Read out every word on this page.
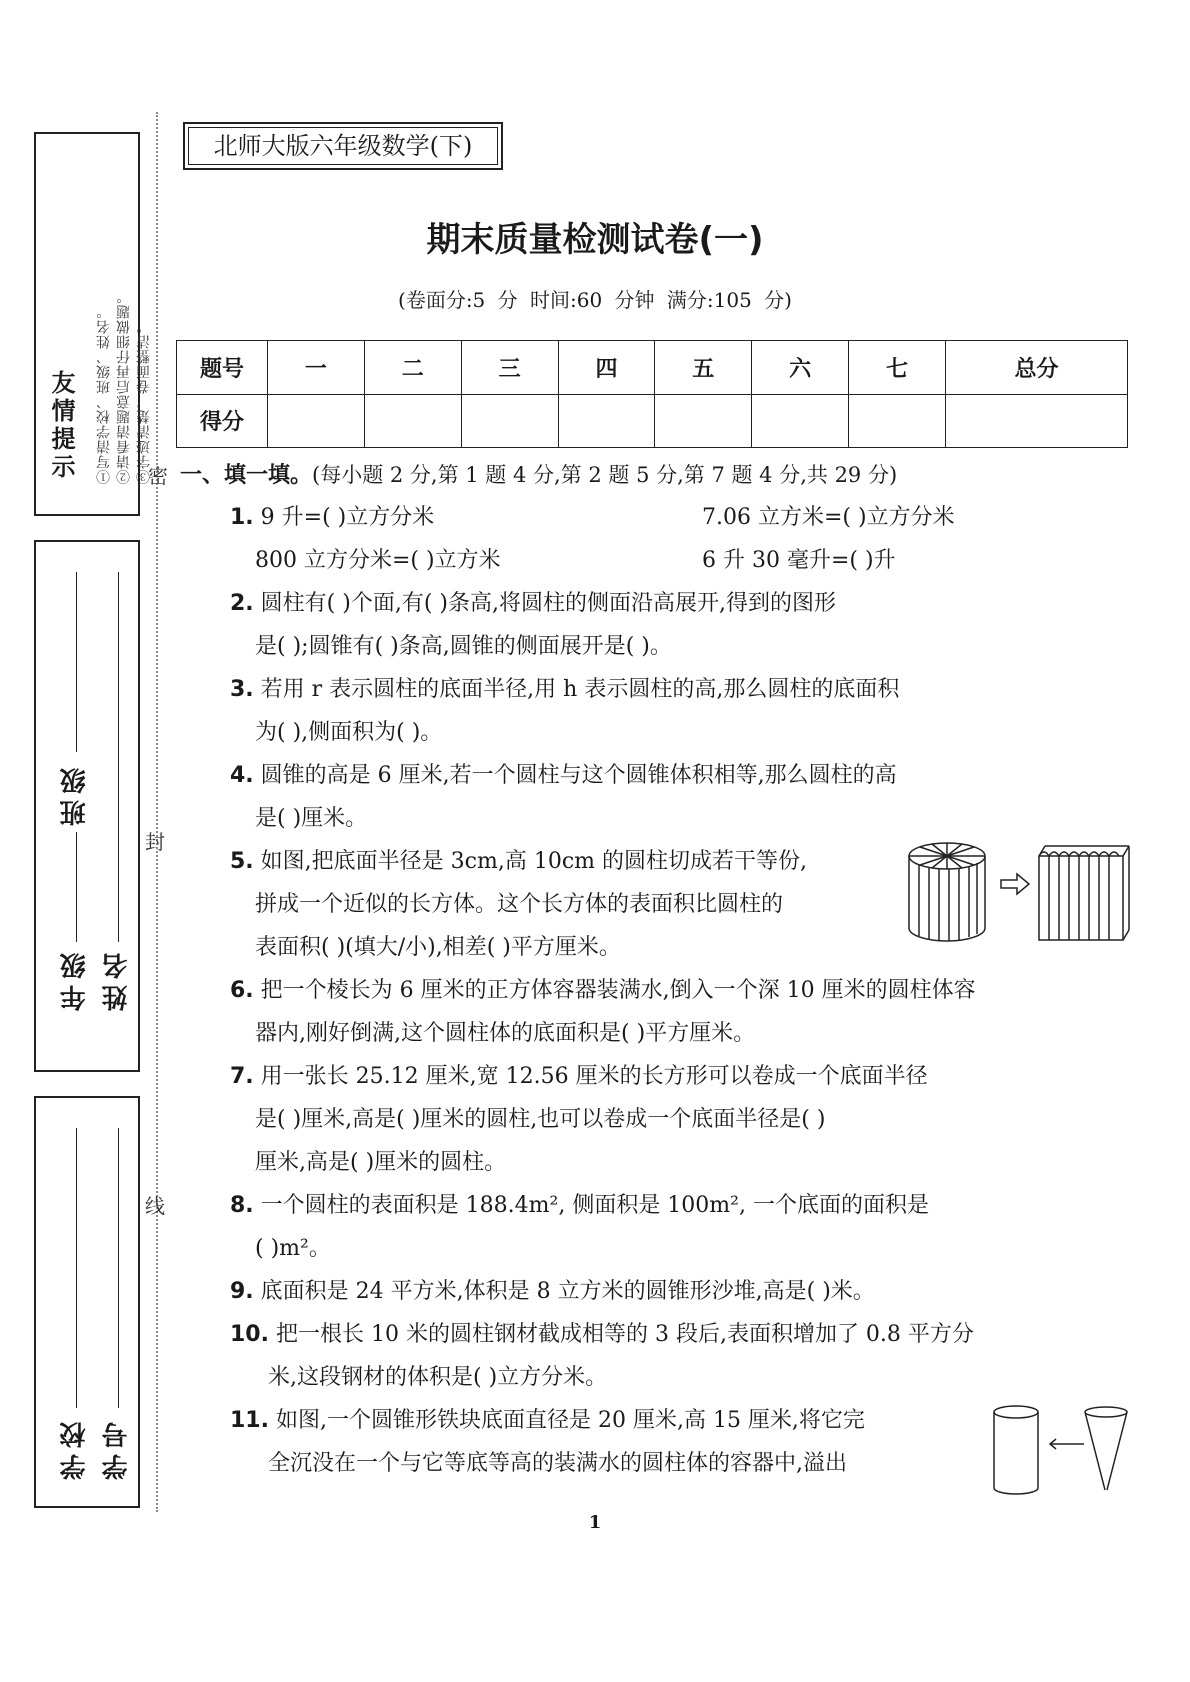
友情提示 ①写清学校、班级、姓名。 ②请看清题意后再仔细做题。 ③字迹清楚，卷面整洁。
班级
年级 姓名
学校 学号
密
封
线
北师大版六年级数学(下)
期末质量检测试卷(一)
(卷面分:5 分 时间:60 分钟 满分:105 分)
题号	一	二	三	四	五	六	七	总分
得分								
一、填一填。(每小题 2 分,第 1 题 4 分,第 2 题 5 分,第 7 题 4 分,共 29 分)
1. 9 升=( )立方分米	7.06 立方米=( )立方分米
800 立方分米=( )立方米	6 升 30 毫升=( )升
2. 圆柱有( )个面,有( )条高,将圆柱的侧面沿高展开,得到的图形
是( );圆锥有( )条高,圆锥的侧面展开是( )。
3. 若用 r 表示圆柱的底面半径,用 h 表示圆柱的高,那么圆柱的底面积
为( ),侧面积为( )。
4. 圆锥的高是 6 厘米,若一个圆柱与这个圆锥体积相等,那么圆柱的高
是( )厘米。
5. 如图,把底面半径是 3cm,高 10cm 的圆柱切成若干等份,
拼成一个近似的长方体。这个长方体的表面积比圆柱的
表面积( )(填大/小),相差( )平方厘米。
6. 把一个棱长为 6 厘米的正方体容器装满水,倒入一个深 10 厘米的圆柱体容
器内,刚好倒满,这个圆柱体的底面积是( )平方厘米。
7. 用一张长 25.12 厘米,宽 12.56 厘米的长方形可以卷成一个底面半径
是( )厘米,高是( )厘米的圆柱,也可以卷成一个底面半径是( )
厘米,高是( )厘米的圆柱。
8. 一个圆柱的表面积是 188.4m², 侧面积是 100m², 一个底面的面积是
( )m²。
9. 底面积是 24 平方米,体积是 8 立方米的圆锥形沙堆,高是( )米。
10. 把一根长 10 米的圆柱钢材截成相等的 3 段后,表面积增加了 0.8 平方分
米,这段钢材的体积是( )立方分米。
11. 如图,一个圆锥形铁块底面直径是 20 厘米,高 15 厘米,将它完
全沉没在一个与它等底等高的装满水的圆柱体的容器中,溢出
1
